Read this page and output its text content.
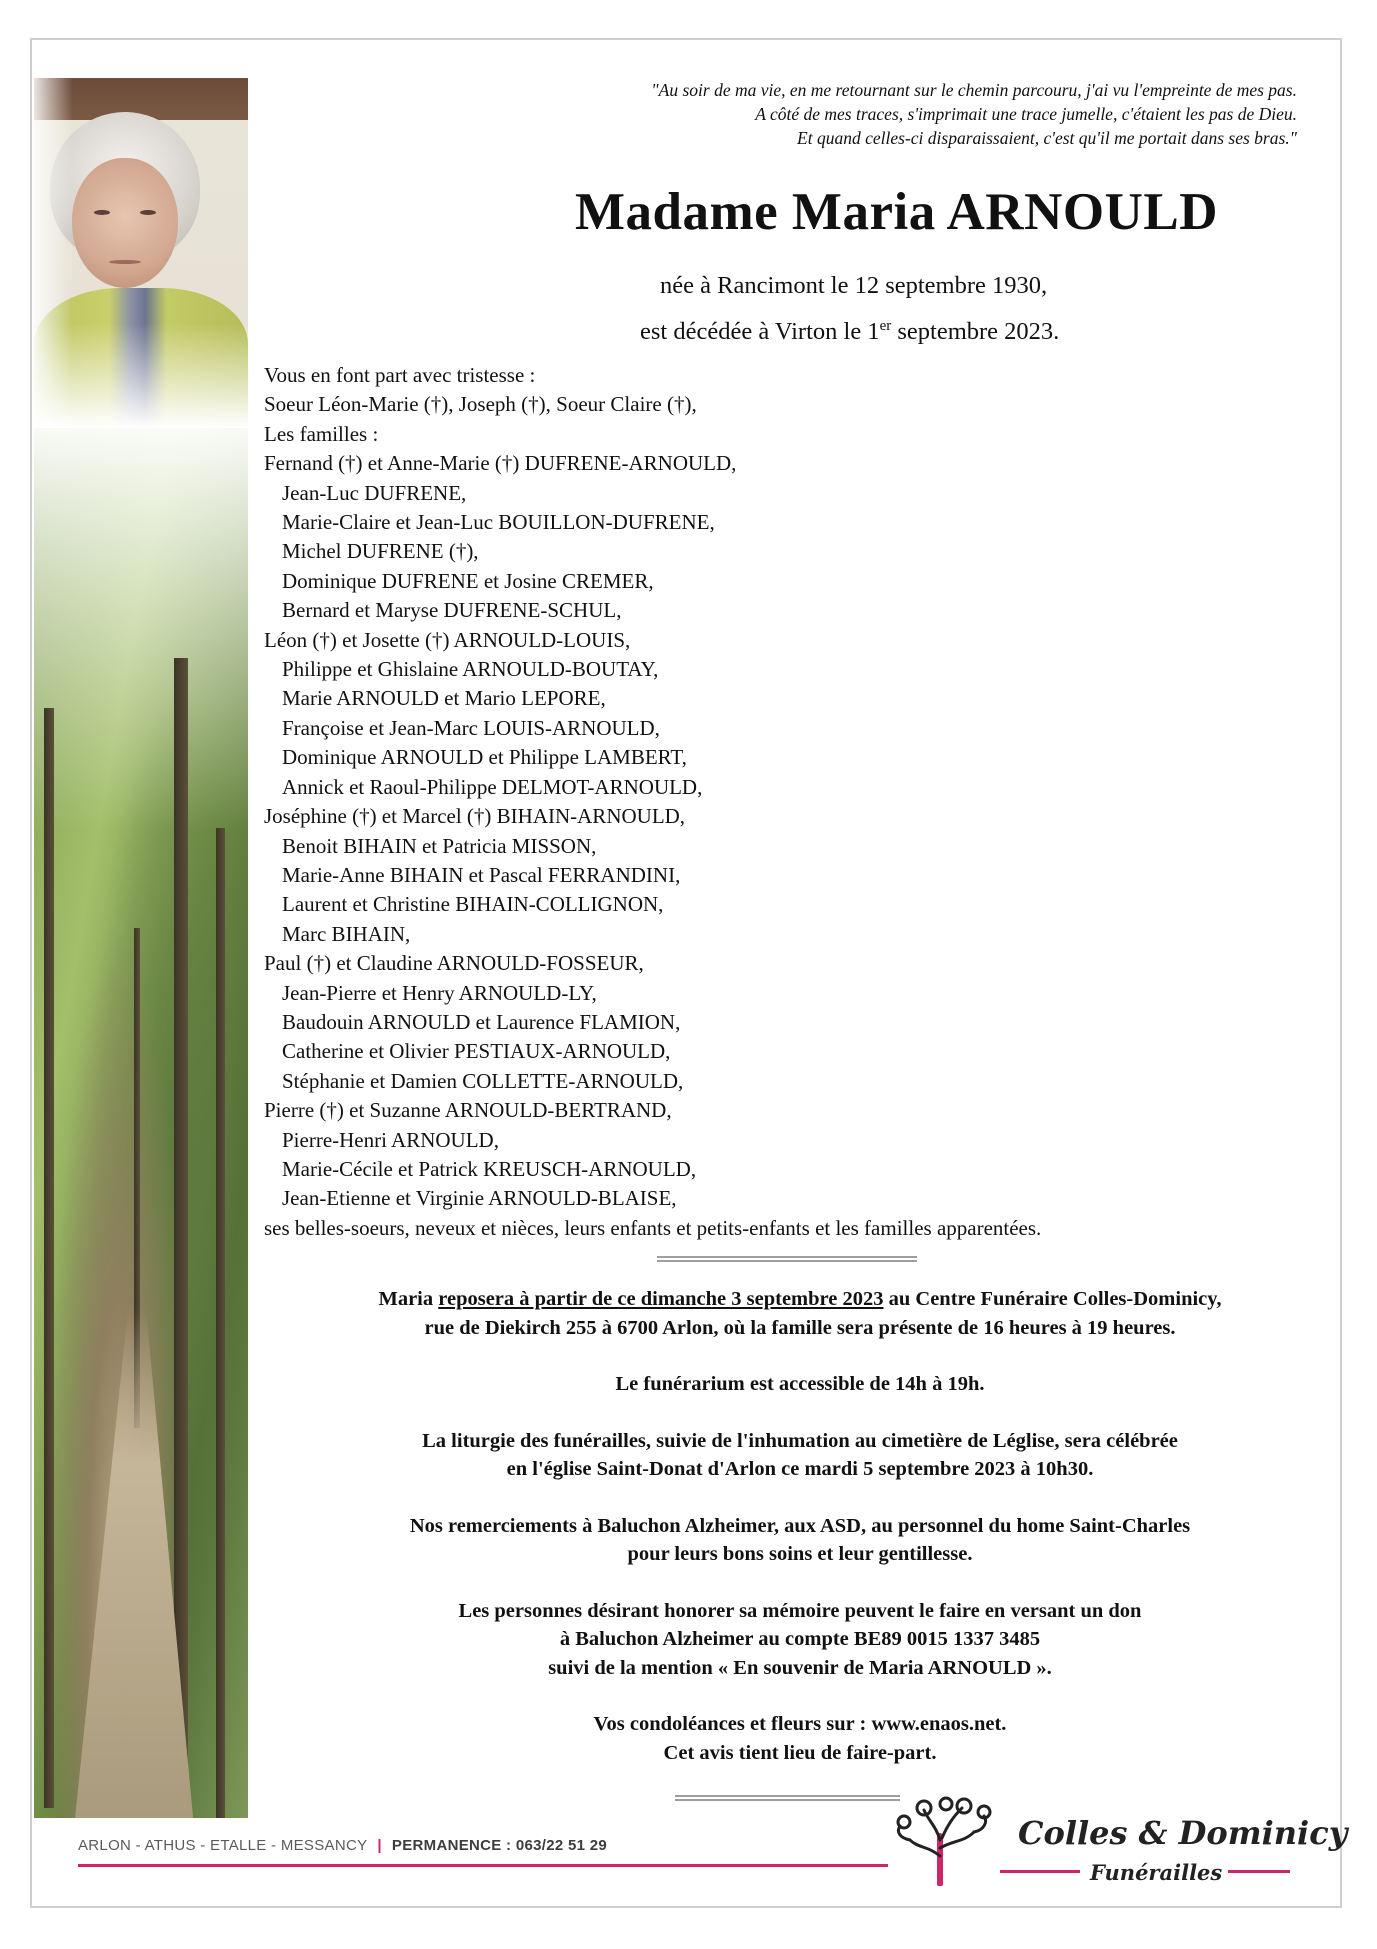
"Au soir de ma vie, en me retournant sur le chemin parcouru, j'ai vu l'empreinte de mes pas.
A côté de mes traces, s'imprimait une trace jumelle, c'étaient les pas de Dieu.
Et quand celles-ci disparaissaient, c'est qu'il me portait dans ses bras."
Madame Maria ARNOULD
née à Rancimont le 12 septembre 1930,
est décédée à Virton le 1er septembre 2023.
Vous en font part avec tristesse :
Soeur Léon-Marie (†), Joseph (†), Soeur Claire (†),
Les familles :
Fernand (†) et Anne-Marie (†) DUFRENE-ARNOULD,
Jean-Luc DUFRENE,
Marie-Claire et Jean-Luc BOUILLON-DUFRENE,
Michel DUFRENE (†),
Dominique DUFRENE et Josine CREMER,
Bernard et Maryse DUFRENE-SCHUL,
Léon (†) et Josette (†) ARNOULD-LOUIS,
Philippe et Ghislaine ARNOULD-BOUTAY,
Marie ARNOULD et Mario LEPORE,
Françoise et Jean-Marc LOUIS-ARNOULD,
Dominique ARNOULD et Philippe LAMBERT,
Annick et Raoul-Philippe DELMOT-ARNOULD,
Joséphine (†) et Marcel (†) BIHAIN-ARNOULD,
Benoit BIHAIN et Patricia MISSON,
Marie-Anne BIHAIN et Pascal FERRANDINI,
Laurent et Christine BIHAIN-COLLIGNON,
Marc BIHAIN,
Paul (†) et Claudine ARNOULD-FOSSEUR,
Jean-Pierre et Henry ARNOULD-LY,
Baudouin ARNOULD et Laurence FLAMION,
Catherine et Olivier PESTIAUX-ARNOULD,
Stéphanie et Damien COLLETTE-ARNOULD,
Pierre (†) et Suzanne ARNOULD-BERTRAND,
Pierre-Henri ARNOULD,
Marie-Cécile et Patrick KREUSCH-ARNOULD,
Jean-Etienne et Virginie ARNOULD-BLAISE,
ses belles-soeurs, neveux et nièces, leurs enfants et petits-enfants et les familles apparentées.
Maria reposera à partir de ce dimanche 3 septembre 2023 au Centre Funéraire Colles-Dominicy,
rue de Diekirch 255 à 6700 Arlon, où la famille sera présente de 16 heures à 19 heures.
Le funérarium est accessible de 14h à 19h.
La liturgie des funérailles, suivie de l'inhumation au cimetière de Léglise, sera célébrée
en l'église Saint-Donat d'Arlon ce mardi 5 septembre 2023 à 10h30.
Nos remerciements à Baluchon Alzheimer, aux ASD, au personnel du home Saint-Charles
pour leurs bons soins et leur gentillesse.
Les personnes désirant honorer sa mémoire peuvent le faire en versant un don
à Baluchon Alzheimer au compte BE89 0015 1337 3485
suivi de la mention « En souvenir de Maria ARNOULD ».
Vos condoléances et fleurs sur : www.enaos.net.
Cet avis tient lieu de faire-part.
ARLON - ATHUS - ETALLE - MESSANCY | PERMANENCE : 063/22 51 29	Colles & Dominicy
Funérailles
